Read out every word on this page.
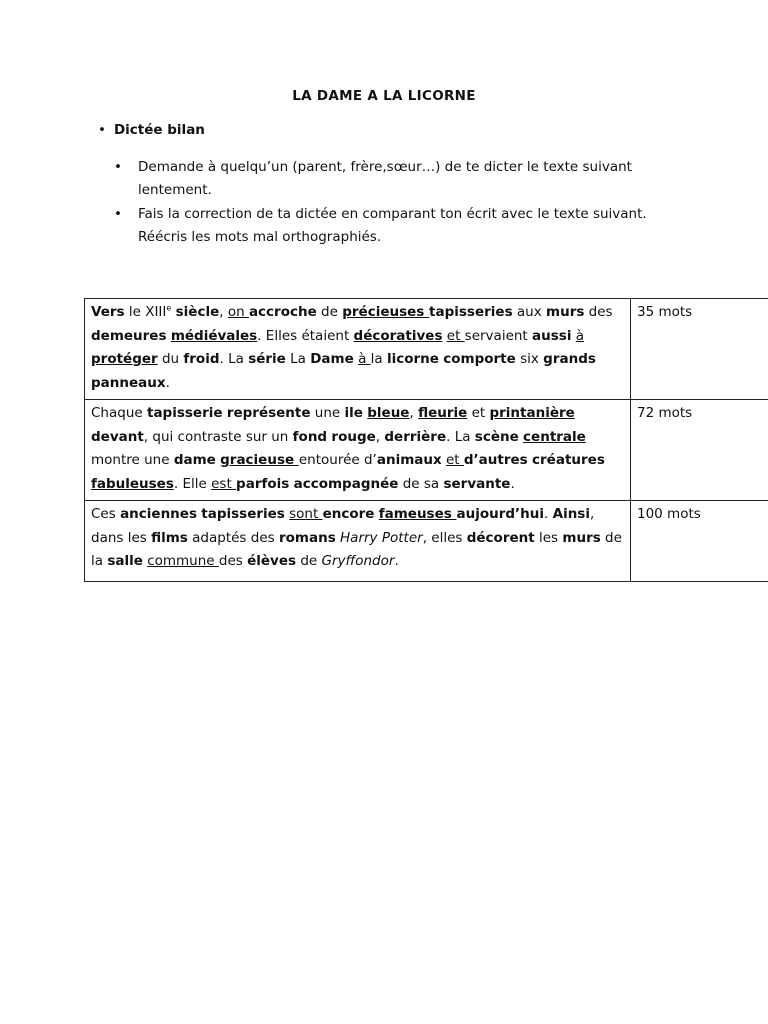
LA DAME A LA LICORNE
• Dictée bilan
• Demande à quelqu’un (parent, frère,sœur…) de te dicter le texte suivant lentement.
• Fais la correction de ta dictée en comparant ton écrit avec le texte suivant. Réécris les mots mal orthographiés.
Vers le XIIIe siècle, on accroche de précieuses tapisseries aux murs des demeures médiévales. Elles étaient décoratives et servaient aussi à protéger du froid. La série La Dame à la licorne comporte six grands panneaux.	35 mots
Chaque tapisserie représente une ile bleue, fleurie et printanière devant, qui contraste sur un fond rouge, derrière. La scène centrale montre une dame gracieuse entourée d’animaux et d’autres créatures fabuleuses. Elle est parfois accompagnée de sa servante.	72 mots
Ces anciennes tapisseries sont encore fameuses aujourd’hui. Ainsi, dans les films adaptés des romans Harry Potter, elles décorent les murs de la salle commune des élèves de Gryffondor.	100 mots
